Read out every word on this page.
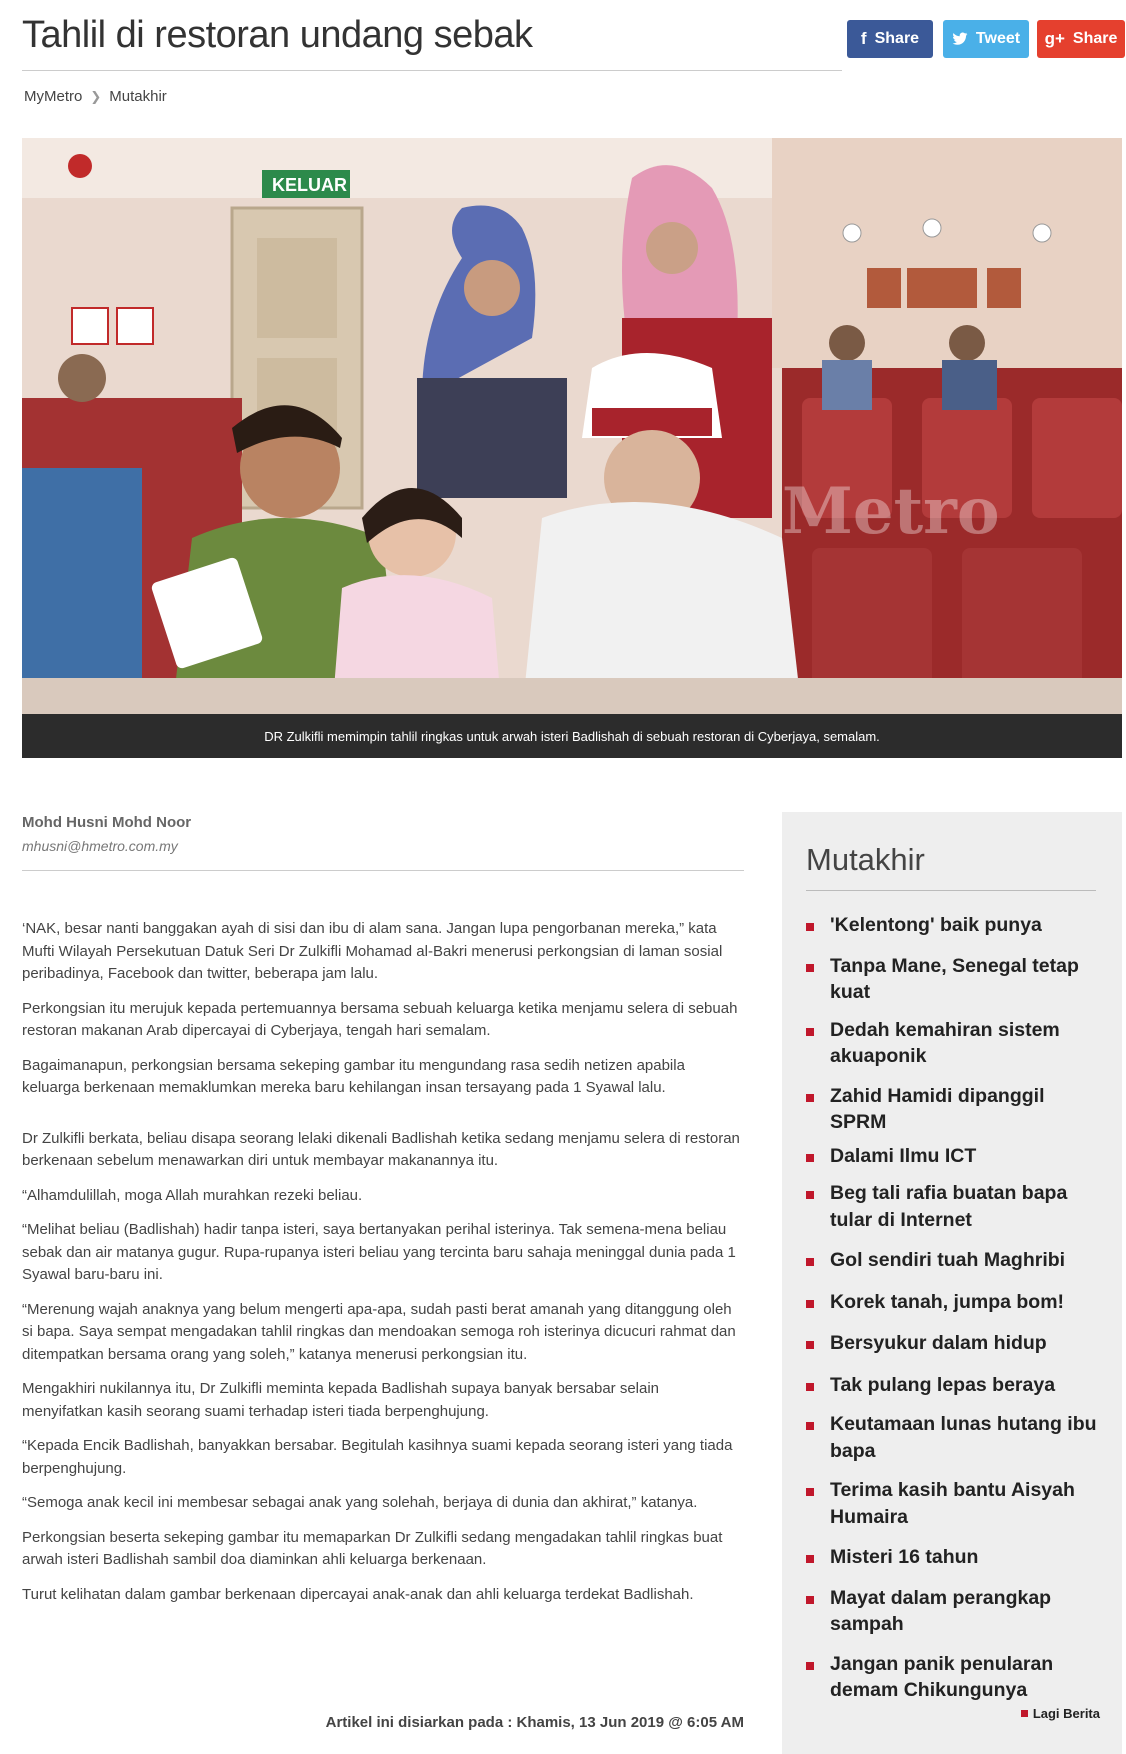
Tahlil di restoran undang sebak	f Share	Tweet g+ Share
MyMetro ❯ Mutakhir
KELUAR
Metro
DR Zulkifli memimpin tahlil ringkas untuk arwah isteri Badlishah di sebuah restoran di Cyberjaya, semalam.
Mohd Husni Mohd Noor
mhusni@hmetro.com.my

‘NAK, besar nanti banggakan ayah di sisi dan ibu di alam sana. Jangan lupa pengorbanan mereka,” kata Mufti Wilayah Persekutuan Datuk Seri Dr Zulkifli Mohamad al-Bakri menerusi perkongsian di laman sosial peribadinya, Facebook dan twitter, beberapa jam lalu.

Perkongsian itu merujuk kepada pertemuannya bersama sebuah keluarga ketika menjamu selera di sebuah restoran makanan Arab dipercayai di Cyberjaya, tengah hari semalam.

Bagaimanapun, perkongsian bersama sekeping gambar itu mengundang rasa sedih netizen apabila keluarga berkenaan memaklumkan mereka baru kehilangan insan tersayang pada 1 Syawal lalu.

Dr Zulkifli berkata, beliau disapa seorang lelaki dikenali Badlishah ketika sedang menjamu selera di restoran berkenaan sebelum menawarkan diri untuk membayar makanannya itu.

“Alhamdulillah, moga Allah murahkan rezeki beliau.

“Melihat beliau (Badlishah) hadir tanpa isteri, saya bertanyakan perihal isterinya. Tak semena-mena beliau sebak dan air matanya gugur. Rupa-rupanya isteri beliau yang tercinta baru sahaja meninggal dunia pada 1 Syawal baru-baru ini.

“Merenung wajah anaknya yang belum mengerti apa-apa, sudah pasti berat amanah yang ditanggung oleh si bapa. Saya sempat mengadakan tahlil ringkas dan mendoakan semoga roh isterinya dicucuri rahmat dan ditempatkan bersama orang yang soleh,” katanya menerusi perkongsian itu.

Mengakhiri nukilannya itu, Dr Zulkifli meminta kepada Badlishah supaya banyak bersabar selain menyifatkan kasih seorang suami terhadap isteri tiada berpenghujung.

“Kepada Encik Badlishah, banyakkan bersabar. Begitulah kasihnya suami kepada seorang isteri yang tiada berpenghujung.

“Semoga anak kecil ini membesar sebagai anak yang solehah, berjaya di dunia dan akhirat,” katanya.

Perkongsian beserta sekeping gambar itu memaparkan Dr Zulkifli sedang mengadakan tahlil ringkas buat arwah isteri Badlishah sambil doa diaminkan ahli keluarga berkenaan.

Turut kelihatan dalam gambar berkenaan dipercayai anak-anak dan ahli keluarga terdekat Badlishah.

Artikel ini disiarkan pada : Khamis, 13 Jun 2019 @ 6:05 AM
Mutakhir
'Kelentong' baik punya
Tanpa Mane, Senegal tetap kuat
Dedah kemahiran sistem akuaponik
Zahid Hamidi dipanggil SPRM
Dalami Ilmu ICT
Beg tali rafia buatan bapa tular di Internet
Gol sendiri tuah Maghribi
Korek tanah, jumpa bom!
Bersyukur dalam hidup
Tak pulang lepas beraya
Keutamaan lunas hutang ibu bapa
Terima kasih bantu Aisyah Humaira
Misteri 16 tahun
Mayat dalam perangkap sampah
Jangan panik penularan demam Chikungunya
Lagi Berita
